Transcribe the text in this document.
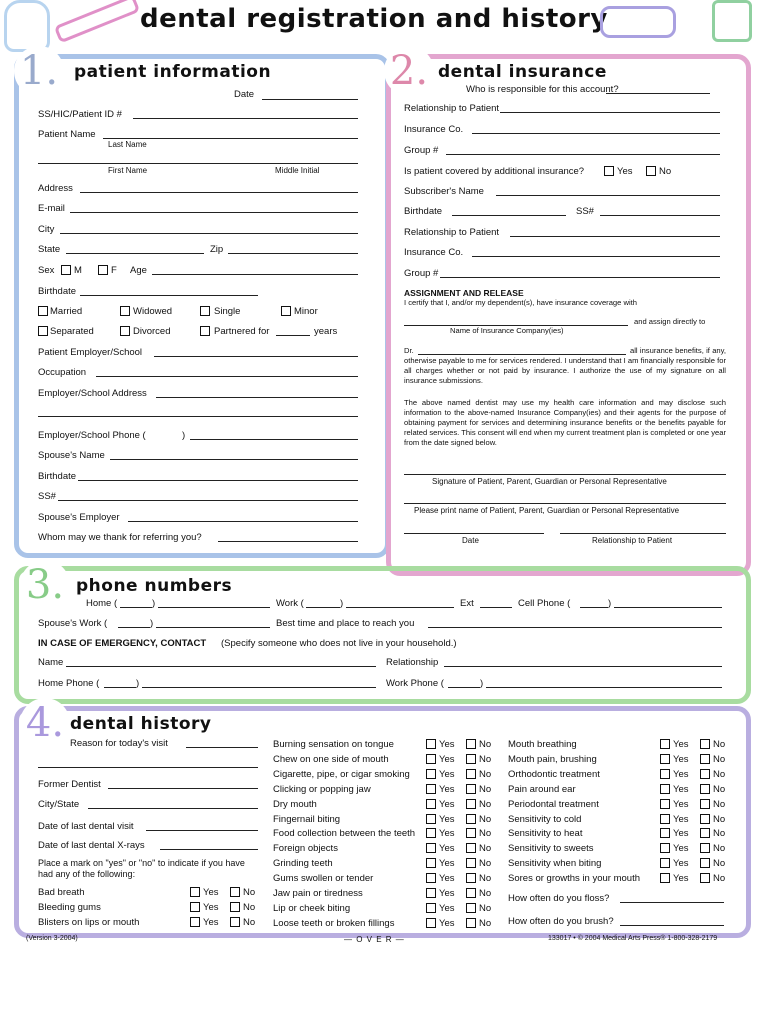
dental registration and history
1. patient information
Date
SS/HIC/Patient ID #
Patient Name
Last Name
First Name	Middle Initial
Address
E-mail
City
State	Zip
Sex M	F Age
Birthdate
Married	Widowed	Single	Minor
Separated	Divorced	Partnered for	years
Patient Employer/School
Occupation
Employer/School Address
Employer/School Phone (	)
Spouse's Name
Birthdate
SS#
Spouse's Employer
Whom may we thank for referring you?
2. dental insurance
Who is responsible for this account?
Relationship to Patient
Insurance Co.
Group #
Is patient covered by additional insurance?	Yes	No
Subscriber's Name
Birthdate	SS#
Relationship to Patient
Insurance Co.
Group #
ASSIGNMENT AND RELEASE
I certify that I, and/or my dependent(s), have insurance coverage with
and assign directly to
Name of Insurance Company(ies)
Dr.	all insurance benefits, if any, otherwise payable to me for services rendered. I understand that I am financially responsible for all charges whether or not paid by insurance. I authorize the use of my signature on all insurance submissions.
The above named dentist may use my health care information and may disclose such information to the above-named Insurance Company(ies) and their agents for the purpose of obtaining payment for services and determining insurance benefits or the benefits payable for related services. This consent will end when my current treatment plan is completed or one year from the date signed below.
Signature of Patient, Parent, Guardian or Personal Representative
Please print name of Patient, Parent, Guardian or Personal Representative
Date	Relationship to Patient
3. phone numbers
Home (	)	Work (	)	Ext	Cell Phone (	)
Spouse's Work (	)	Best time and place to reach you
IN CASE OF EMERGENCY, CONTACT (Specify someone who does not live in your household.)
Name	Relationship
Home Phone (	)	Work Phone (	)
4. dental history
Reason for today's visit
Former Dentist
City/State
Date of last dental visit
Date of last dental X-rays
Place a mark on "yes" or "no" to indicate if you have had any of the following:
Bad breath	Yes	No
Bleeding gums	Yes	No
Blisters on lips or mouth	Yes	No
Burning sensation on tongue	Yes	No
Chew on one side of mouth	Yes	No
Cigarette, pipe, or cigar smoking	Yes	No
Clicking or popping jaw	Yes	No
Dry mouth	Yes	No
Fingernail biting	Yes	No
Food collection between the teeth	Yes	No
Foreign objects	Yes	No
Grinding teeth	Yes	No
Gums swollen or tender	Yes	No
Jaw pain or tiredness	Yes	No
Lip or cheek biting	Yes	No
Loose teeth or broken fillings	Yes	No
Mouth breathing	Yes	No
Mouth pain, brushing	Yes	No
Orthodontic treatment	Yes	No
Pain around ear	Yes	No
Periodontal treatment	Yes	No
Sensitivity to cold	Yes	No
Sensitivity to heat	Yes	No
Sensitivity to sweets	Yes	No
Sensitivity when biting	Yes	No
Sores or growths in your mouth	Yes	No
How often do you floss?
How often do you brush?
(Version 3-2004)	— O V E R —	133017 • © 2004 Medical Arts Press® 1-800-328-2179
